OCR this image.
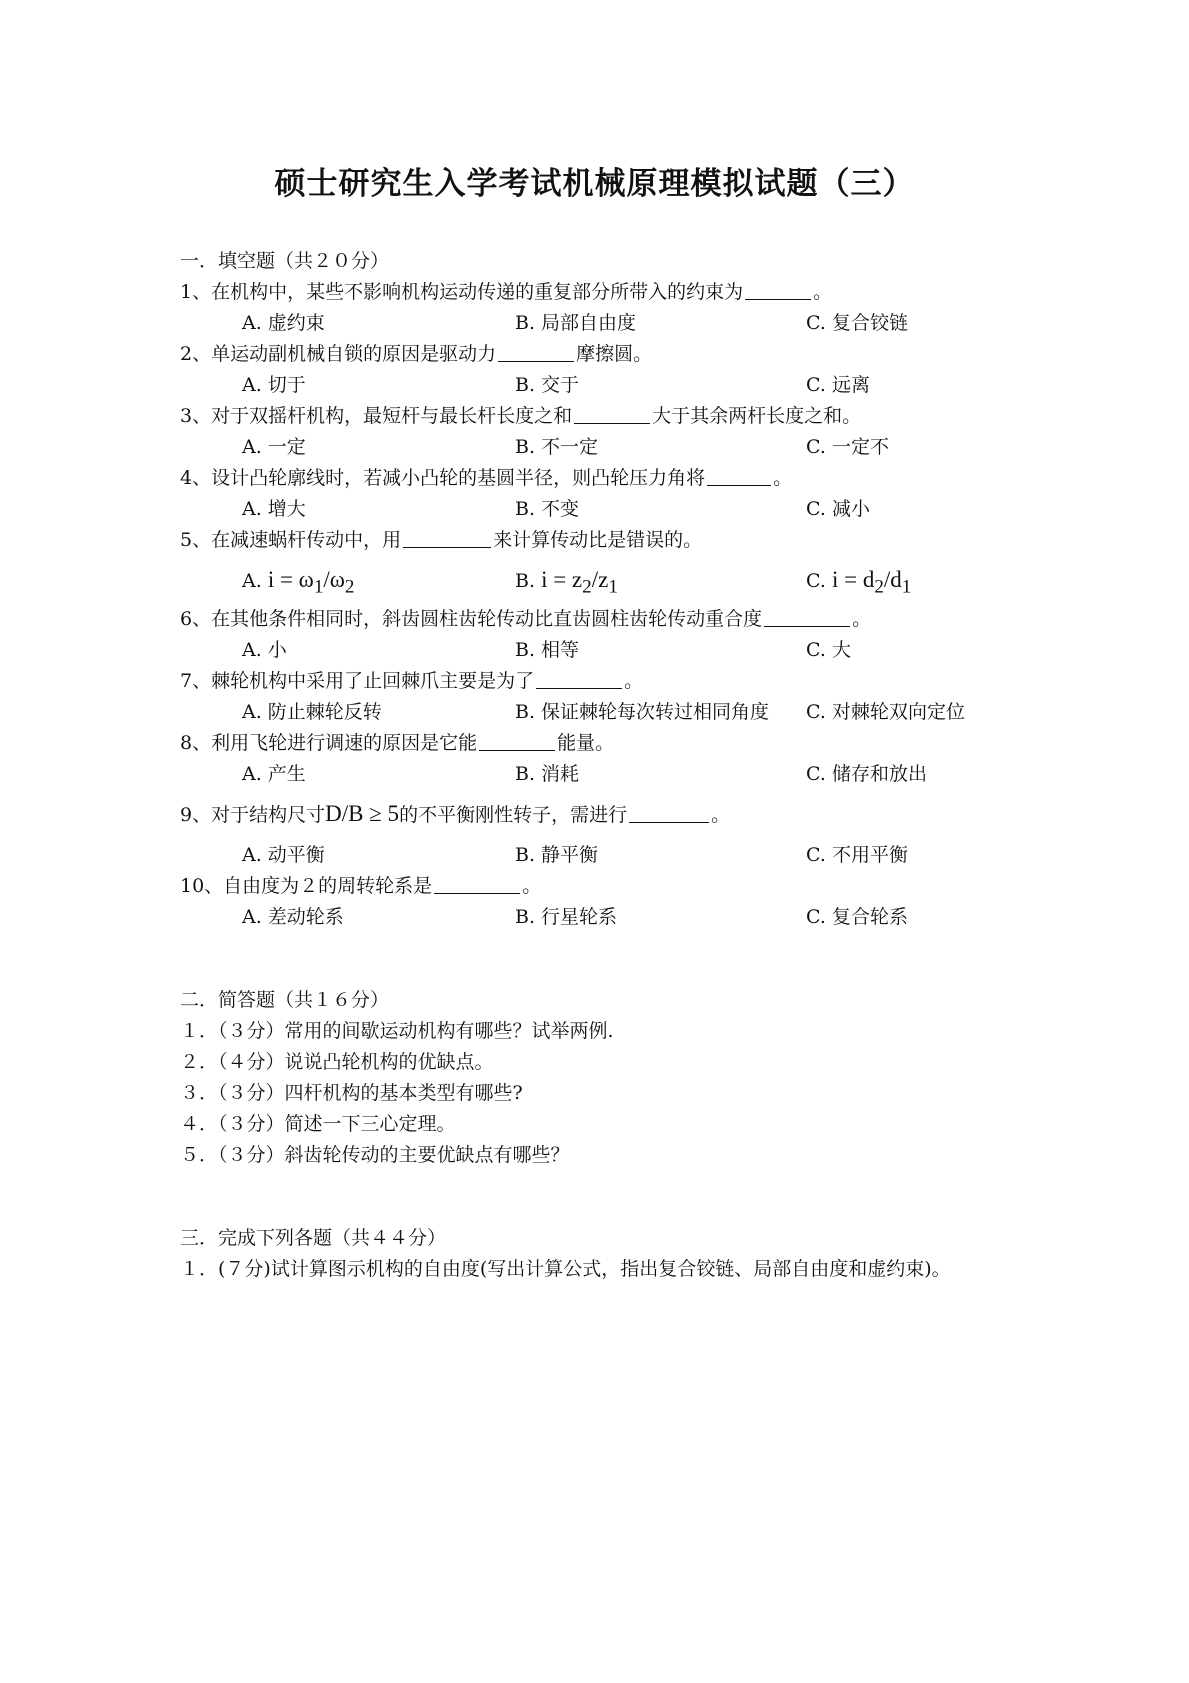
硕士研究生入学考试机械原理模拟试题（三）
一．填空题（共２０分）
1、在机构中，某些不影响机构运动传递的重复部分所带入的约束为	。
A. 虚约束	B. 局部自由度	C. 复合铰链
2、单运动副机械自锁的原因是驱动力	摩擦圆。
A. 切于	B. 交于	C. 远离
3、对于双摇杆机构，最短杆与最长杆长度之和	大于其余两杆长度之和。
A. 一定	B. 不一定	C. 一定不
4、设计凸轮廓线时，若减小凸轮的基圆半径，则凸轮压力角将	。
A. 增大	B. 不变	C. 减小
5、在减速蜗杆传动中，用	来计算传动比是错误的。
A. $i = \omega_1/\omega_2$	B. $i = z_2/z_1$	C. $i = d_2/d_1$
6、在其他条件相同时，斜齿圆柱齿轮传动比直齿圆柱齿轮传动重合度	。
A. 小	B. 相等	C. 大
7、棘轮机构中采用了止回棘爪主要是为了	。
A. 防止棘轮反转	B. 保证棘轮每次转过相同角度 C. 对棘轮双向定位
8、利用飞轮进行调速的原因是它能	能量。
A. 产生	B. 消耗	C. 储存和放出
9、对于结构尺寸D/B ≥ 5的不平衡刚性转子，需进行	。
A. 动平衡	B. 静平衡	C. 不用平衡
10、自由度为２的周转轮系是	。
A. 差动轮系	B. 行星轮系	C. 复合轮系
二．简答题（共１６分）
１．（３分）常用的间歇运动机构有哪些？试举两例.
２．（４分）说说凸轮机构的优缺点。
３．（３分）四杆机构的基本类型有哪些?
４．（３分）简述一下三心定理。
５．（３分）斜齿轮传动的主要优缺点有哪些？
三．完成下列各题（共４４分）
１．(７分)试计算图示机构的自由度(写出计算公式，指出复合铰链、局部自由度和虚约束)。
